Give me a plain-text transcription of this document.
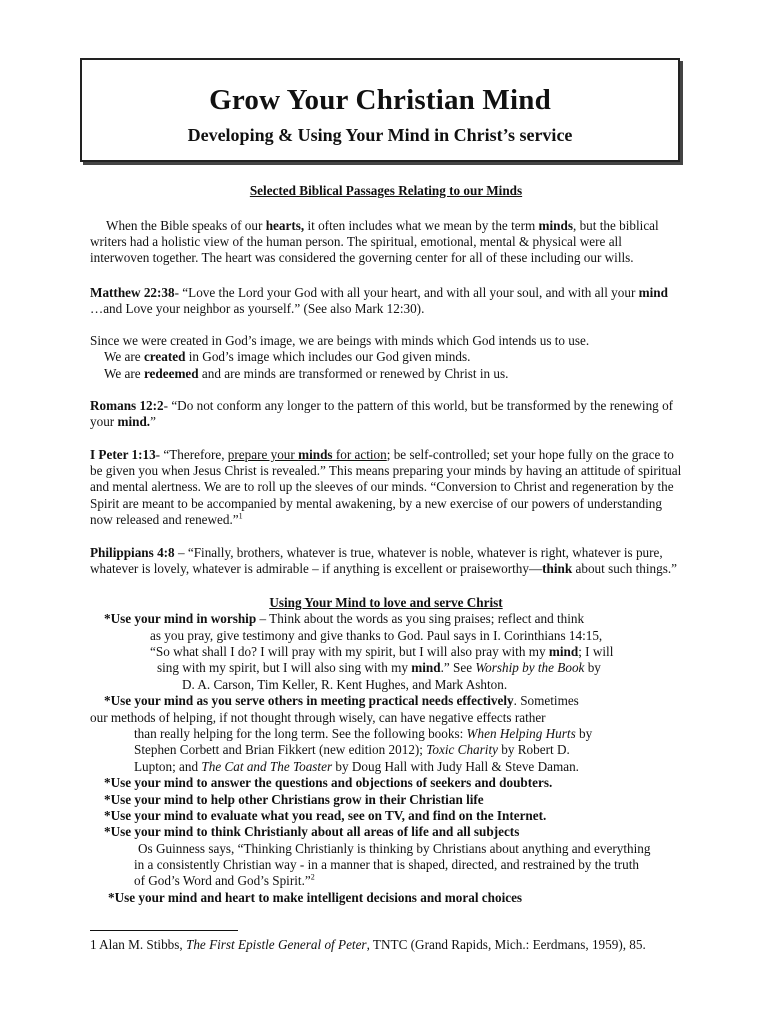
Grow Your Christian Mind
Developing & Using Your Mind in Christ’s service
Selected Biblical Passages Relating to our Minds
When the Bible speaks of our hearts, it often includes what we mean by the term minds, but the biblical writers had a holistic view of the human person. The spiritual, emotional, mental & physical were all interwoven together. The heart was considered the governing center for all of these including our wills.
Matthew 22:38- “Love the Lord your God with all your heart, and with all your soul, and with all your mind …and Love your neighbor as yourself.” (See also Mark 12:30).
Since we were created in God’s image, we are beings with minds which God intends us to use.
We are created in God’s image which includes our God given minds.
We are redeemed and are minds are transformed or renewed by Christ in us.
Romans 12:2- “Do not conform any longer to the pattern of this world, but be transformed by the renewing of your mind.”
I Peter 1:13- “Therefore, prepare your minds for action; be self-controlled; set your hope fully on the grace to be given you when Jesus Christ is revealed.” This means preparing your minds by having an attitude of spiritual and mental alertness. We are to roll up the sleeves of our minds. “Conversion to Christ and regeneration by the Spirit are meant to be accompanied by mental awakening, by a new exercise of our powers of understanding now released and renewed.”$^1$
Philippians 4:8 – “Finally, brothers, whatever is true, whatever is noble, whatever is right, whatever is pure, whatever is lovely, whatever is admirable – if anything is excellent or praiseworthy—think about such things.”
Using Your Mind to love and serve Christ
*Use your mind in worship – Think about the words as you sing praises; reflect and think
as you pray, give testimony and give thanks to God. Paul says in I. Corinthians 14:15,
“So what shall I do? I will pray with my spirit, but I will also pray with my mind; I will
sing with my spirit, but I will also sing with my mind.” See Worship by the Book by
D. A. Carson, Tim Keller, R. Kent Hughes, and Mark Ashton.
*Use your mind as you serve others in meeting practical needs effectively. Sometimes
our methods of helping, if not thought through wisely, can have negative effects rather
than really helping for the long term. See the following books: When Helping Hurts by
Stephen Corbett and Brian Fikkert (new edition 2012); Toxic Charity by Robert D.
Lupton; and The Cat and The Toaster by Doug Hall with Judy Hall & Steve Daman.
*Use your mind to answer the questions and objections of seekers and doubters.
*Use your mind to help other Christians grow in their Christian life
*Use your mind to evaluate what you read, see on TV, and find on the Internet.
*Use your mind to think Christianly about all areas of life and all subjects
Os Guinness says, “Thinking Christianly is thinking by Christians about anything and everything
in a consistently Christian way - in a manner that is shaped, directed, and restrained by the truth
of God’s Word and God’s Spirit.”$^2$
*Use your mind and heart to make intelligent decisions and moral choices
1 Alan M. Stibbs, The First Epistle General of Peter, TNTC (Grand Rapids, Mich.: Eerdmans, 1959), 85.
